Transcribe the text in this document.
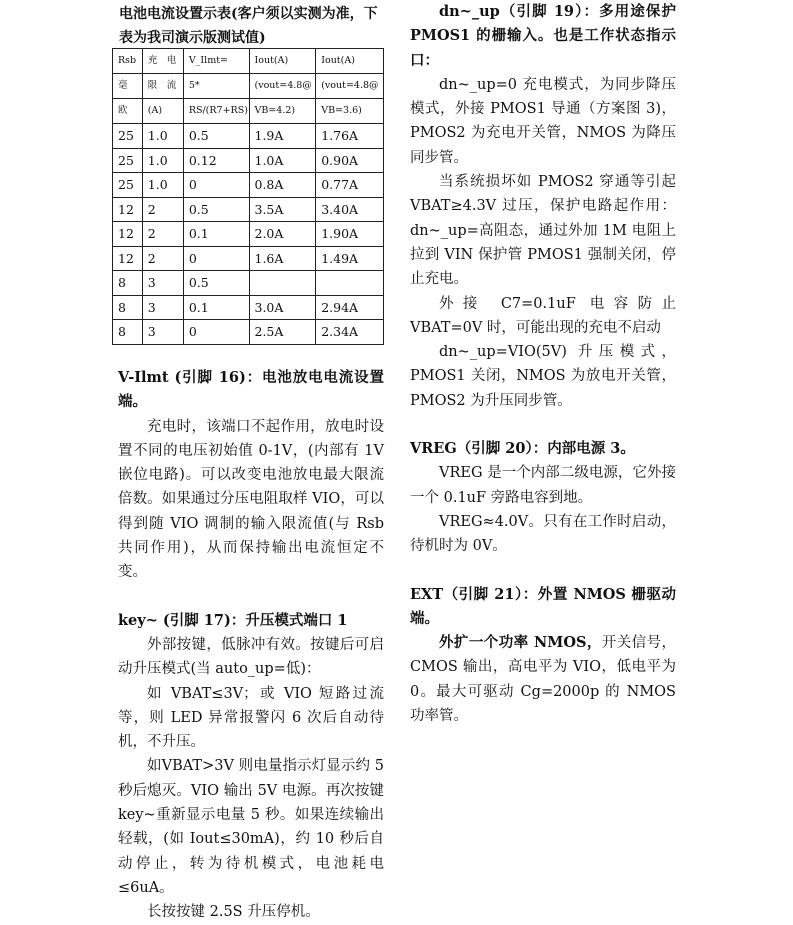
电池电流设置示表(客户须以实测为准，下
表为我司演示版测试值)
Rsb	充　电	V_Ilmt=	Iout(A)	Iout(A)
毫	限　流	5*	(vout=4.8@	(vout=4.8@
欧	(A)	RS/(R7+RS)	VB=4.2)	VB=3.6)
25	1.0	0.5	1.9A	1.76A
25	1.0	0.12	1.0A	0.90A
25	1.0	0	0.8A	0.77A
12	2	0.5	3.5A	3.40A
12	2	0.1	2.0A	1.90A
12	2	0	1.6A	1.49A
8	3	0.5		
8	3	0.1	3.0A	2.94A
8	3	0	2.5A	2.34A

V-Ilmt (引脚 16)：电池放电电流设置端。

充电时，该端口不起作用，放电时设置不同的电压初始值 0-1V，(内部有 1V 嵌位电路)。可以改变电池放电最大限流倍数。如果通过分压电阻取样 VIO，可以得到随 VIO 调制的输入限流值(与 Rsb 共同作用)，从而保持输出电流恒定不变。

key~ (引脚 17)：升压模式端口 1

外部按键，低脉冲有效。按键后可启动升压模式(当 auto_up=低)：

如 VBAT≤3V；或 VIO 短路过流等，则 LED 异常报警闪 6 次后自动待机，不升压。

如VBAT>3V 则电量指示灯显示约 5 秒后熄灭。VIO 输出 5V 电源。再次按键 key~重新显示电量 5 秒。如果连续输出轻载，(如 Iout≤30mA)，约 10 秒后自动停止，转为待机模式，电池耗电≤6uA。

长按按键 2.5S 升压停机。

dn~_up（引脚 19）：多用途保护 PMOS1 的栅输入。也是工作状态指示口：

dn~_up=0 充电模式，为同步降压模式，外接 PMOS1 导通（方案图 3)，PMOS2 为充电开关管，NMOS 为降压同步管。

当系统损坏如 PMOS2 穿通等引起 VBAT≥4.3V 过压，保护电路起作用：dn~_up=高阻态，通过外加 1M 电阻上拉到 VIN 保护管 PMOS1 强制关闭，停止充电。

外接 C7=0.1uF 电容防止 VBAT=0V 时，可能出现的充电不启动

dn~_up=VIO(5V) 升压模式，PMOS1 关闭，NMOS 为放电开关管，PMOS2 为升压同步管。

VREG（引脚 20）：内部电源 3。

VREG 是一个内部二级电源，它外接一个 0.1uF 旁路电容到地。

VREG≈4.0V。只有在工作时启动，待机时为 0V。

EXT（引脚 21）：外置 NMOS 栅驱动端。

外扩一个功率 NMOS，开关信号，CMOS 输出，高电平为 VIO，低电平为 0。最大可驱动 Cg=2000p 的 NMOS 功率管。
